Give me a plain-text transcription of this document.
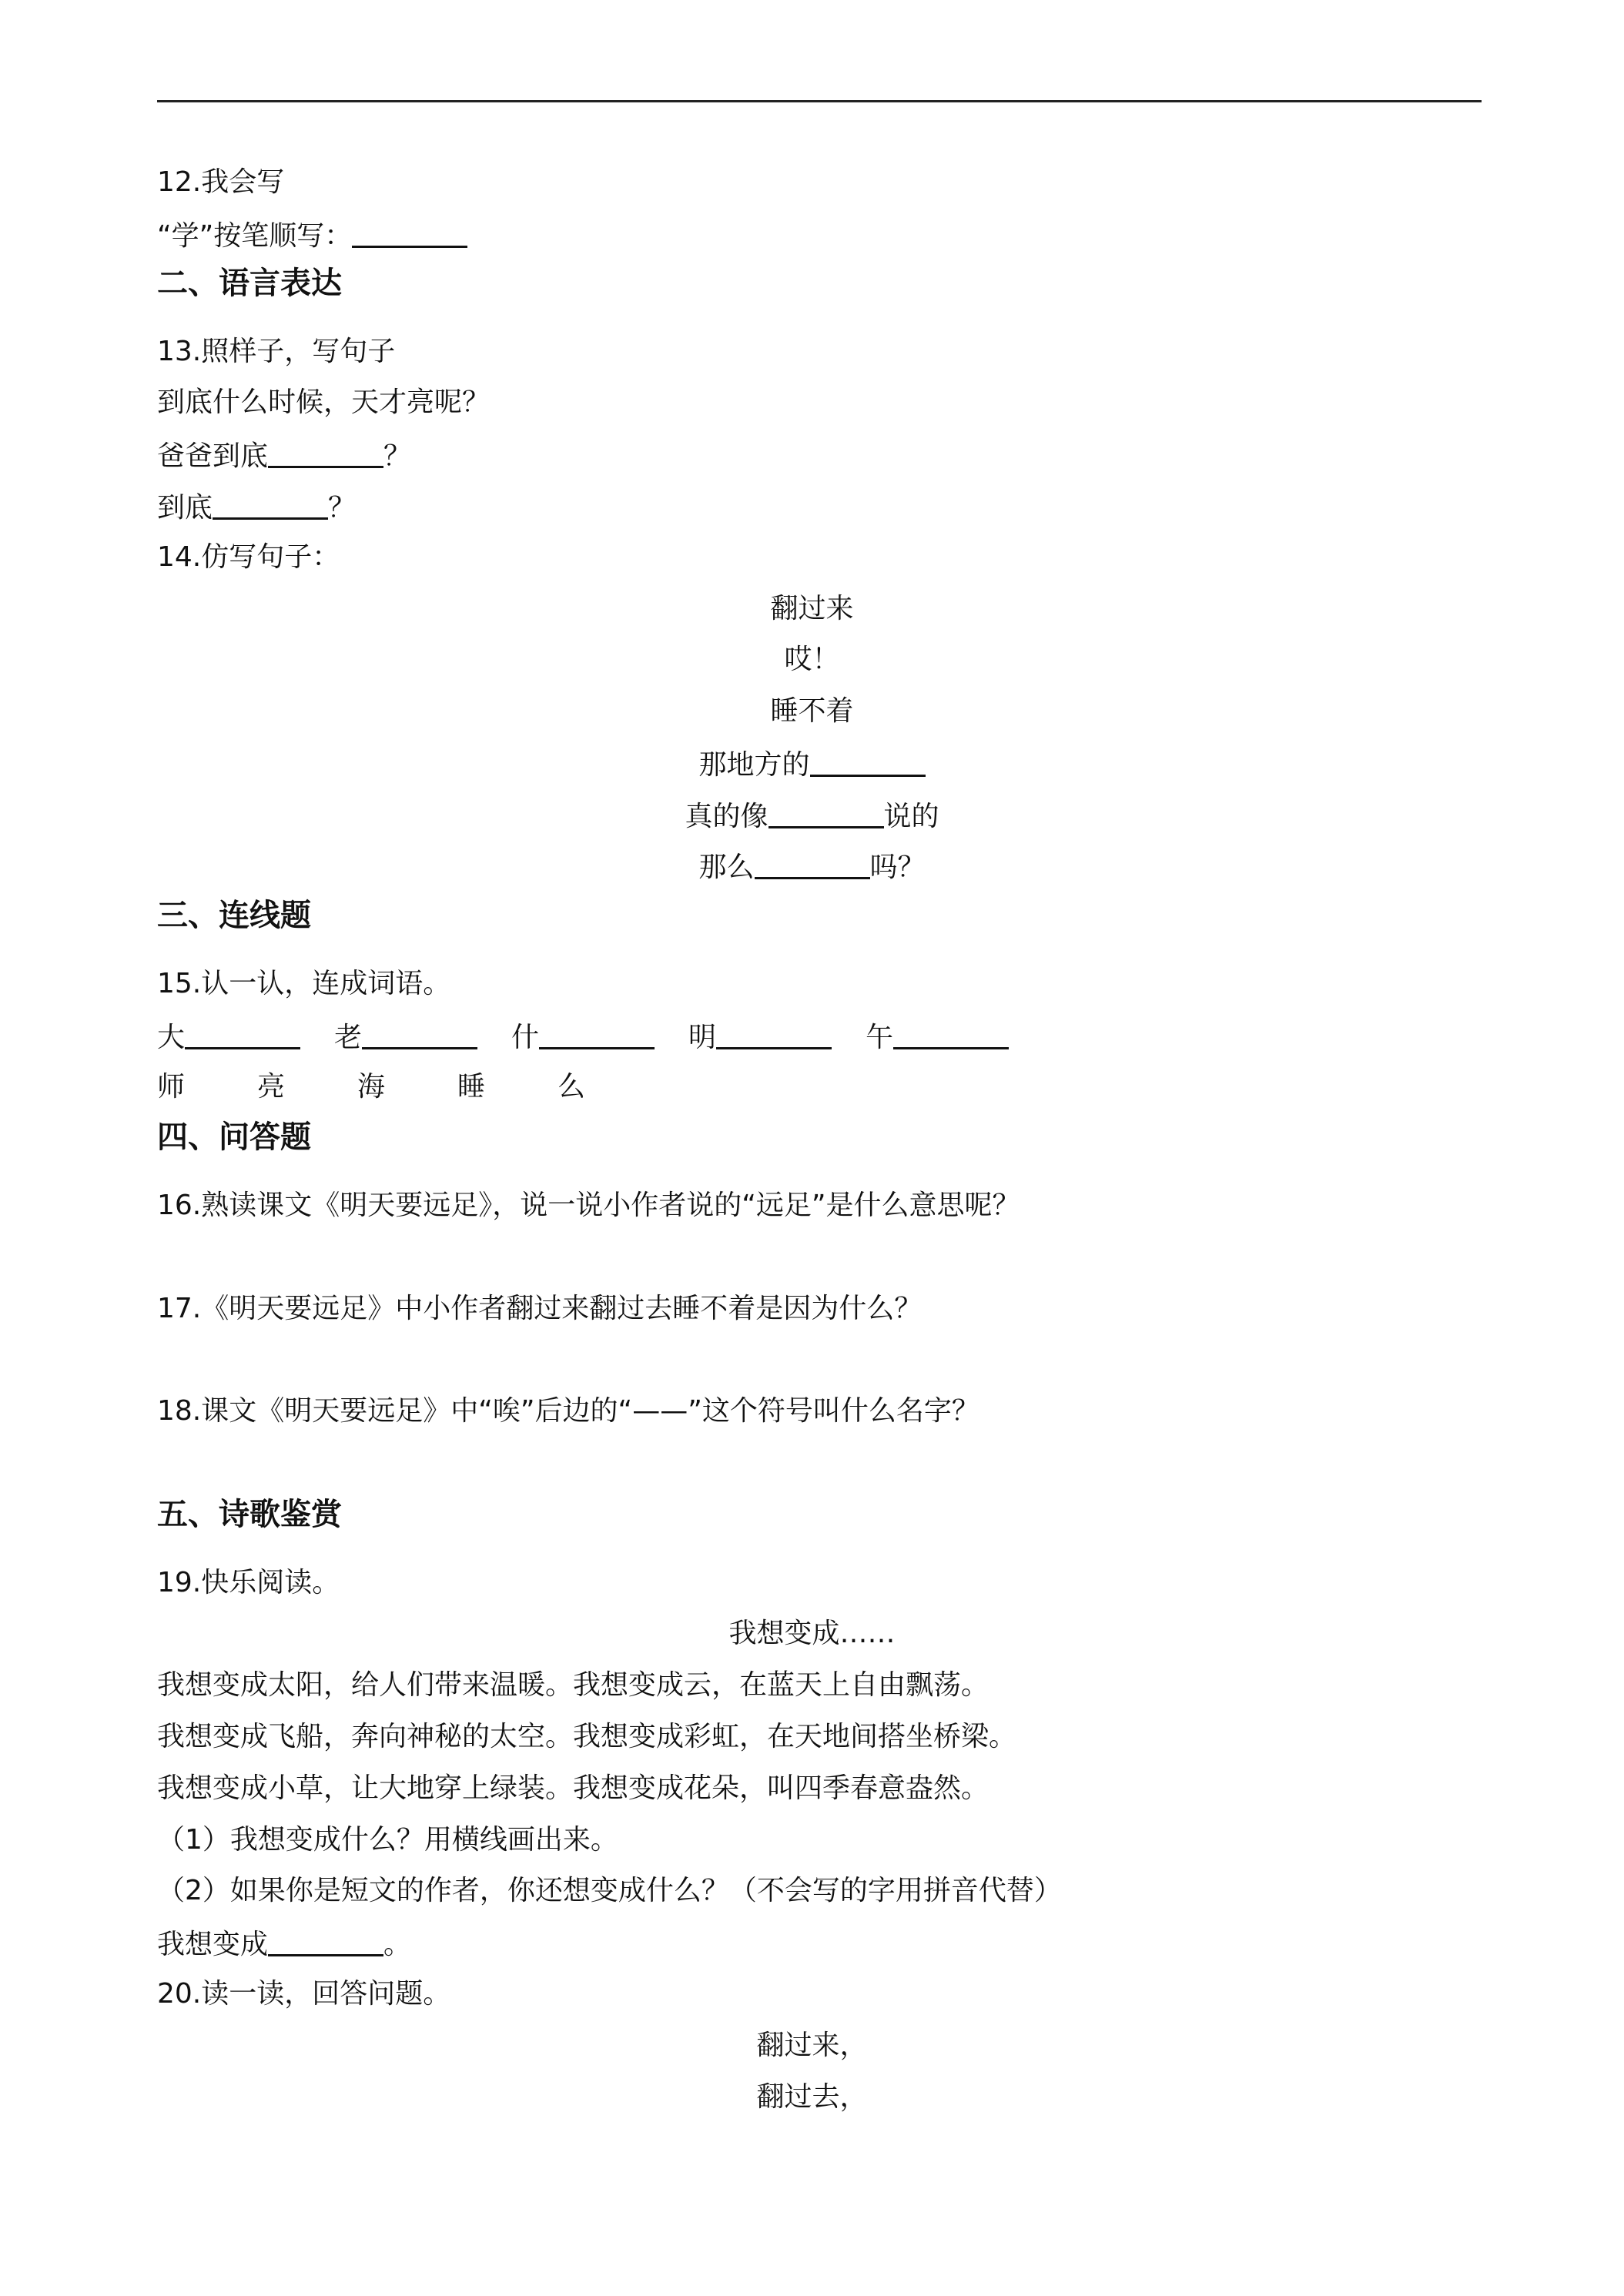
12.我会写
“学”按笔顺写：
二、语言表达
13.照样子，写句子
到底什么时候，天才亮呢？
爸爸到底	？
到底	？
14.仿写句子：
翻过来
哎！
睡不着
那地方的
真的像	说的
那么	吗？
三、连线题
15.认一认，连成词语。
大	老	什	明	午
师	亮	海	睡	么
四、问答题
16.熟读课文《明天要远足》，说一说小作者说的“远足”是什么意思呢？
17.《明天要远足》中小作者翻过来翻过去睡不着是因为什么？
18.课文《明天要远足》中“唉”后边的“——”这个符号叫什么名字？
五、诗歌鉴赏
19.快乐阅读。
我想变成……
我想变成太阳，给人们带来温暖。我想变成云，在蓝天上自由飘荡。
我想变成飞船，奔向神秘的太空。我想变成彩虹，在天地间搭坐桥梁。
我想变成小草，让大地穿上绿装。我想变成花朵，叫四季春意盎然。
（1）我想变成什么？用横线画出来。
（2）如果你是短文的作者，你还想变成什么？（不会写的字用拼音代替）
我想变成	。
20.读一读，回答问题。
翻过来，
翻过去，
